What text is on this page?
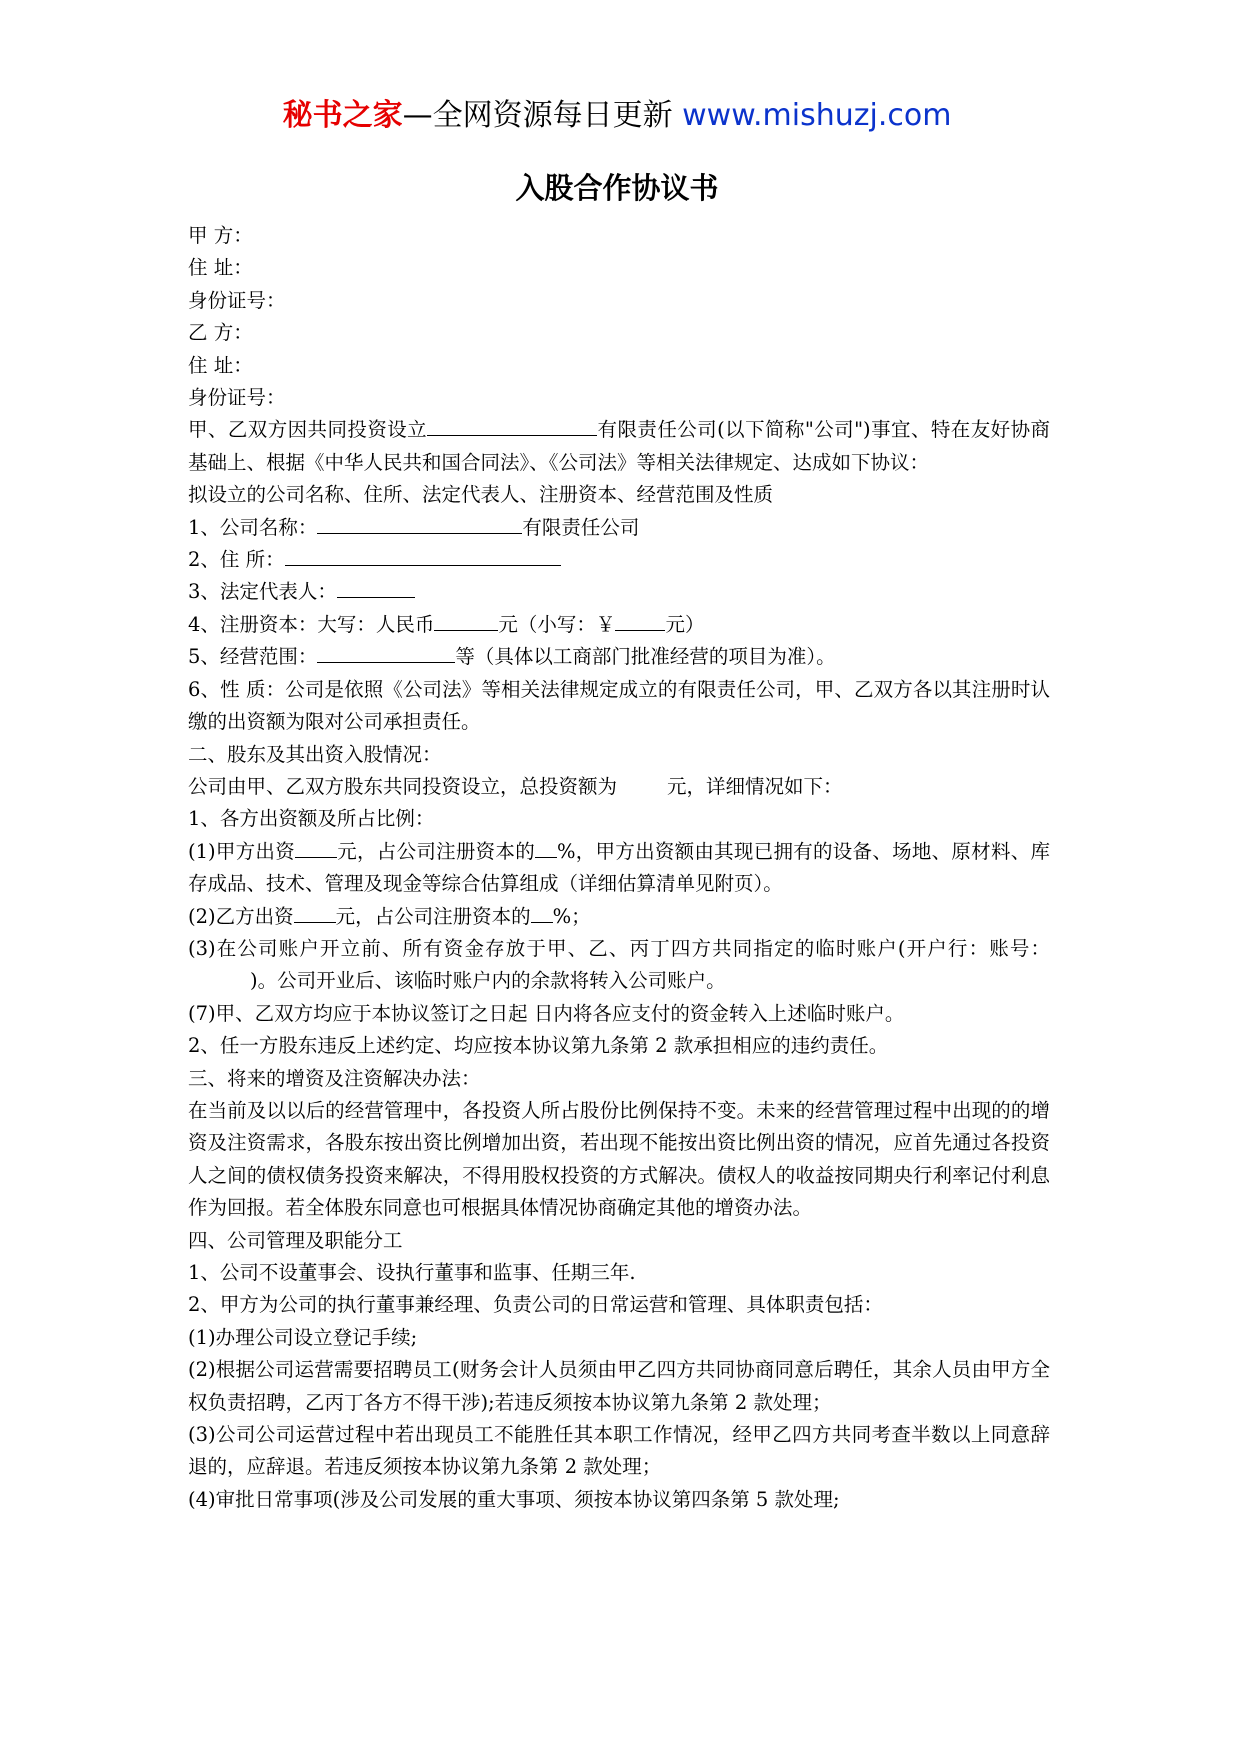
秘书之家—全网资源每日更新 www.mishuzj.com
入股合作协议书

甲 方：

住 址：

身份证号：

乙 方：

住 址：

身份证号：

甲、乙双方因共同投资设立	有限责任公司(以下简称"公司")事宜、特在友好协商基础上、根据《中华人民共和国合同法》、《公司法》等相关法律规定、达成如下协议：

拟设立的公司名称、住所、法定代表人、注册资本、经营范围及性质

1、公司名称：	有限责任公司

2、住 所：

3、法定代表人：

4、注册资本：大写：人民币	元（小写：￥	元）

5、经营范围：	等（具体以工商部门批准经营的项目为准）。

6、性 质：公司是依照《公司法》等相关法律规定成立的有限责任公司，甲、乙双方各以其注册时认缴的出资额为限对公司承担责任。

二、股东及其出资入股情况：

公司由甲、乙双方股东共同投资设立，总投资额为	元，详细情况如下：

1、各方出资额及所占比例：

(1)甲方出资 元，占公司注册资本的 %，甲方出资额由其现已拥有的设备、场地、原材料、库存成品、技术、管理及现金等综合估算组成（详细估算清单见附页）。

(2)乙方出资 元，占公司注册资本的 %；

(3)在公司账户开立前、所有资金存放于甲、乙、丙丁四方共同指定的临时账户(开户行：账号：)。公司开业后、该临时账户内的余款将转入公司账户。

(7)甲、乙双方均应于本协议签订之日起 日内将各应支付的资金转入上述临时账户。

2、任一方股东违反上述约定、均应按本协议第九条第 2 款承担相应的违约责任。

三、将来的增资及注资解决办法：

在当前及以以后的经营管理中，各投资人所占股份比例保持不变。未来的经营管理过程中出现的的增资及注资需求，各股东按出资比例增加出资，若出现不能按出资比例出资的情况，应首先通过各投资人之间的债权债务投资来解决，不得用股权投资的方式解决。债权人的收益按同期央行利率记付利息作为回报。若全体股东同意也可根据具体情况协商确定其他的增资办法。

四、公司管理及职能分工

1、公司不设董事会、设执行董事和监事、任期三年.

2、甲方为公司的执行董事兼经理、负责公司的日常运营和管理、具体职责包括：

(1)办理公司设立登记手续;

(2)根据公司运营需要招聘员工(财务会计人员须由甲乙四方共同协商同意后聘任，其余人员由甲方全权负责招聘，乙丙丁各方不得干涉);若违反须按本协议第九条第 2 款处理；

(3)公司公司运营过程中若出现员工不能胜任其本职工作情况，经甲乙四方共同考查半数以上同意辞退的，应辞退。若违反须按本协议第九条第 2 款处理；

(4)审批日常事项(涉及公司发展的重大事项、须按本协议第四条第 5 款处理;
